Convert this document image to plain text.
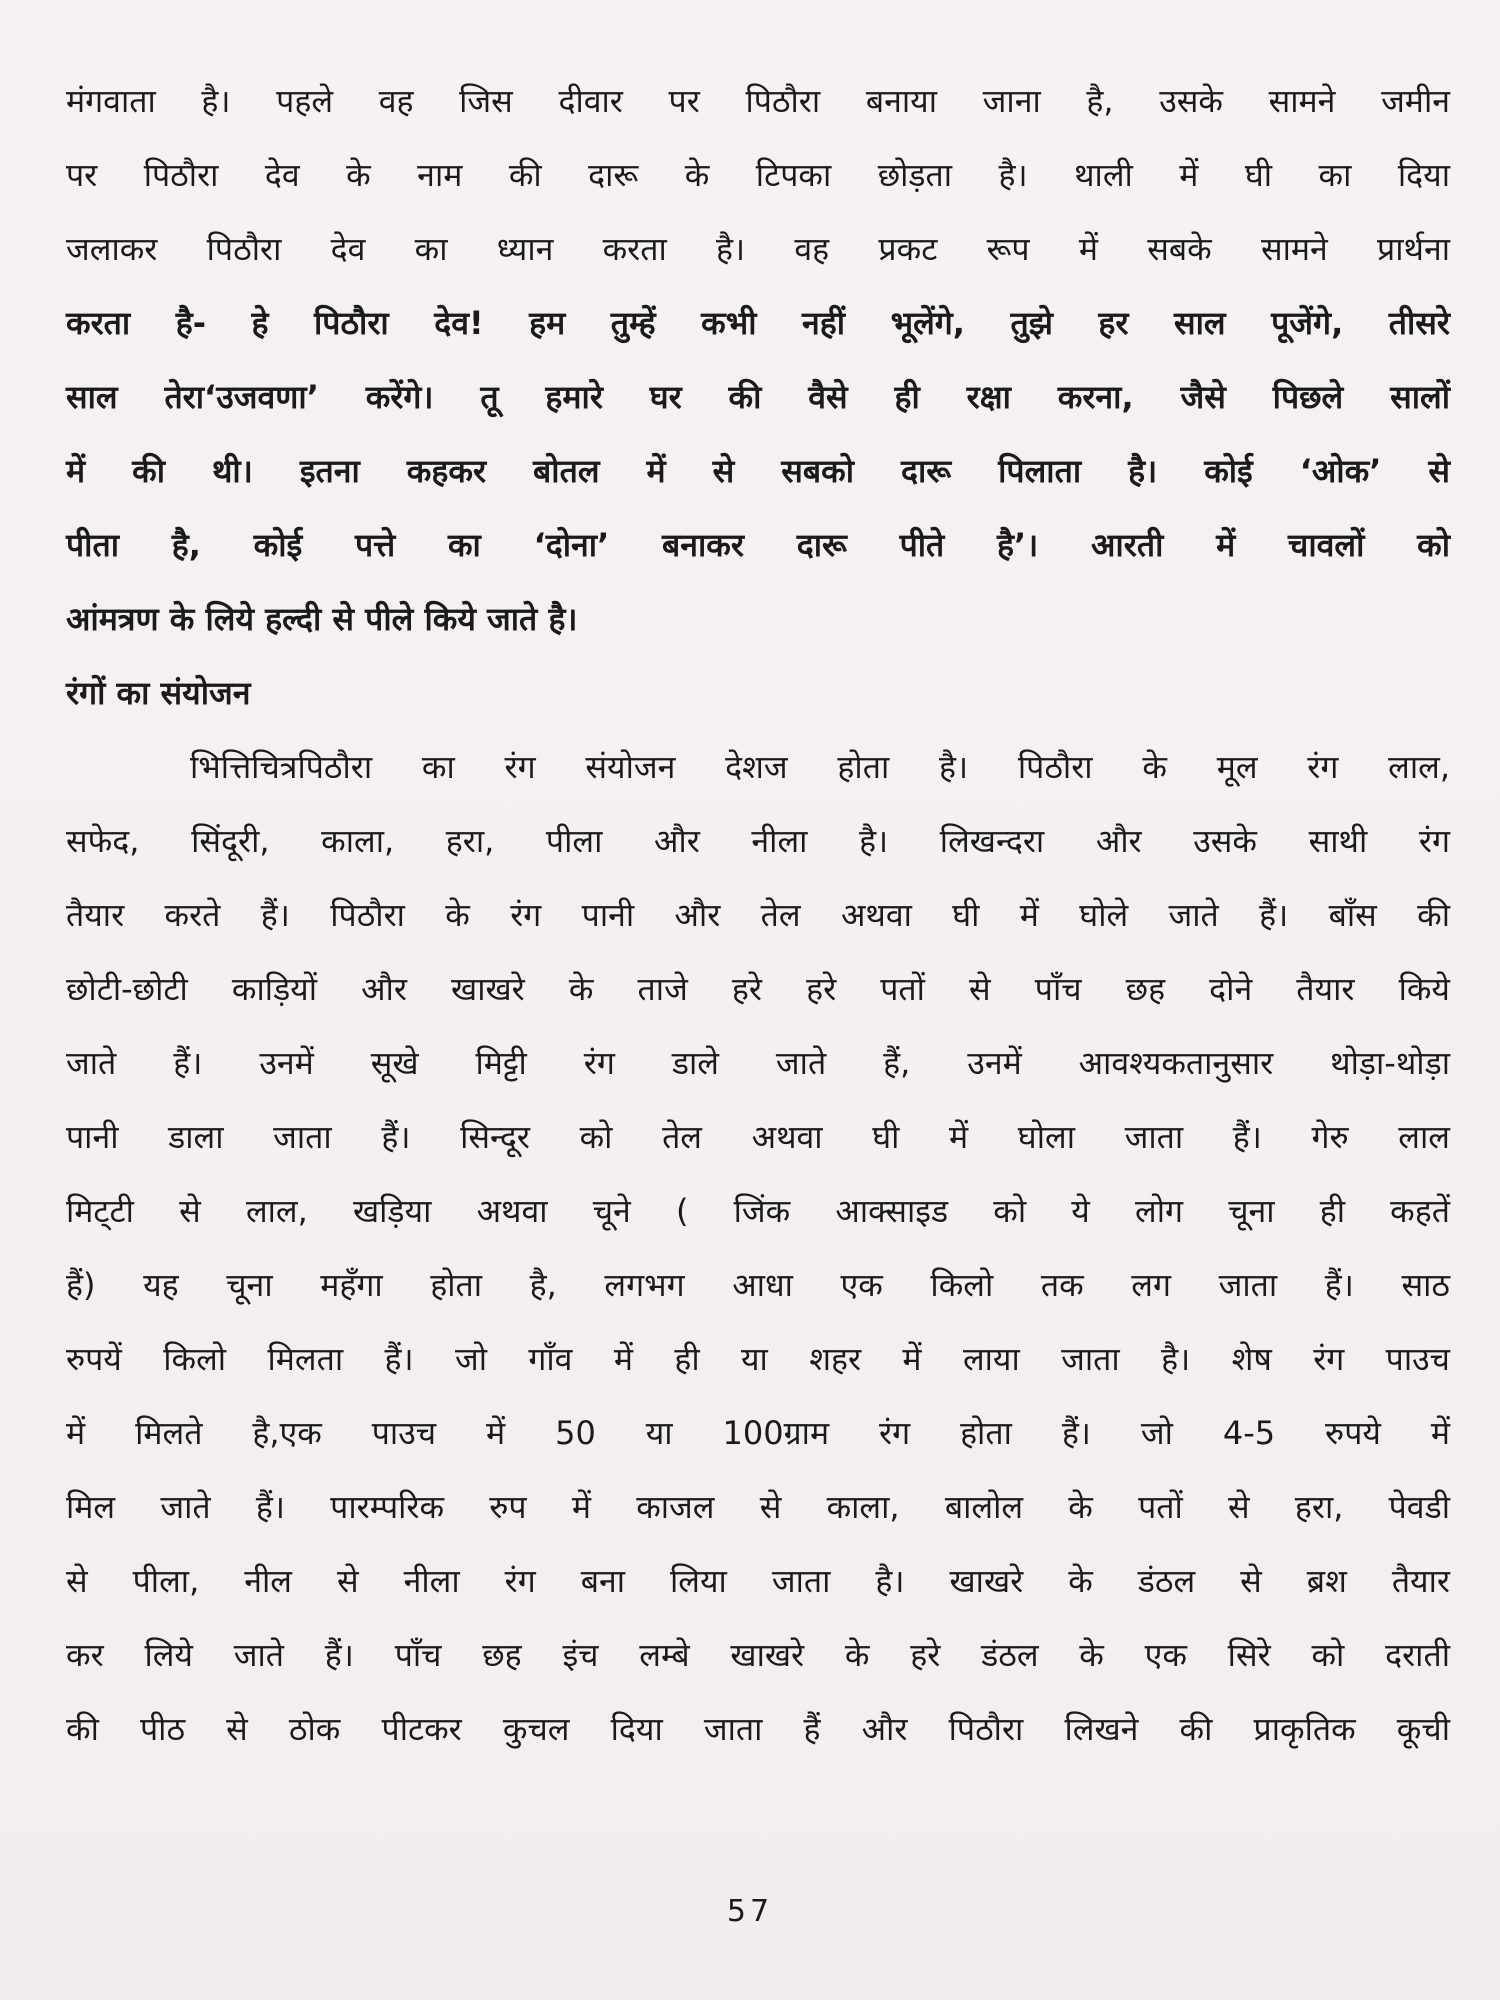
मंगवाता है। पहले वह जिस दीवार पर पिठौरा बनाया जाना है, उसके सामने जमीन
पर पिठौरा देव के नाम की दारू के टिपका छोड़ता है। थाली में घी का दिया
जलाकर पिठौरा देव का ध्यान करता है। वह प्रकट रूप में सबके सामने प्रार्थना
करता है- हे पिठौरा देव! हम तुम्हें कभी नहीं भूलेंगे, तुझे हर साल पूजेंगे, तीसरे
साल तेरा‘उजवणा’ करेंगे। तू हमारे घर की वैसे ही रक्षा करना, जैसे पिछले सालों
में की थी। इतना कहकर बोतल में से सबको दारू पिलाता है। कोई ‘ओक’ से
पीता है, कोई पत्ते का ‘दोना’ बनाकर दारू पीते है’। आरती में चावलों को
आंमत्रण के लिये हल्दी से पीले किये जाते है।
रंगों का संयोजन
भित्तिचित्रपिठौरा का रंग संयोजन देशज होता है। पिठौरा के मूल रंग लाल,
सफेद, सिंदूरी, काला, हरा, पीला और नीला है। लिखन्दरा और उसके साथी रंग
तैयार करते हैं। पिठौरा के रंग पानी और तेल अथवा घी में घोले जाते हैं। बाँस की
छोटी-छोटी काड़ियों और खाखरे के ताजे हरे हरे पतों से पाँच छह दोने तैयार किये
जाते हैं। उनमें सूखे मिट्टी रंग डाले जाते हैं, उनमें आवश्यकतानुसार थोड़ा-थोड़ा
पानी डाला जाता हैं। सिन्दूर को तेल अथवा घी में घोला जाता हैं। गेरु लाल
मिट्‌टी से लाल, खड़िया अथवा चूने ( जिंक आक्साइड को ये लोग चूना ही कहतें
हैं) यह चूना महँगा होता है, लगभग आधा एक किलो तक लग जाता हैं। साठ
रुपयें किलो मिलता हैं। जो गाँव में ही या शहर में लाया जाता है। शेष रंग पाउच
में मिलते है,एक पाउच में 50 या 100ग्राम रंग होता हैं। जो 4-5 रुपये में
मिल जाते हैं। पारम्परिक रुप में काजल से काला, बालोल के पतों से हरा, पेवडी
से पीला, नील से नीला रंग बना लिया जाता है। खाखरे के डंठल से ब्रश तैयार
कर लिये जाते हैं। पाँच छह इंच लम्बे खाखरे के हरे डंठल के एक सिरे को दराती
की पीठ से ठोक पीटकर कुचल दिया जाता हैं और पिठौरा लिखने की प्राकृतिक कूची
57
